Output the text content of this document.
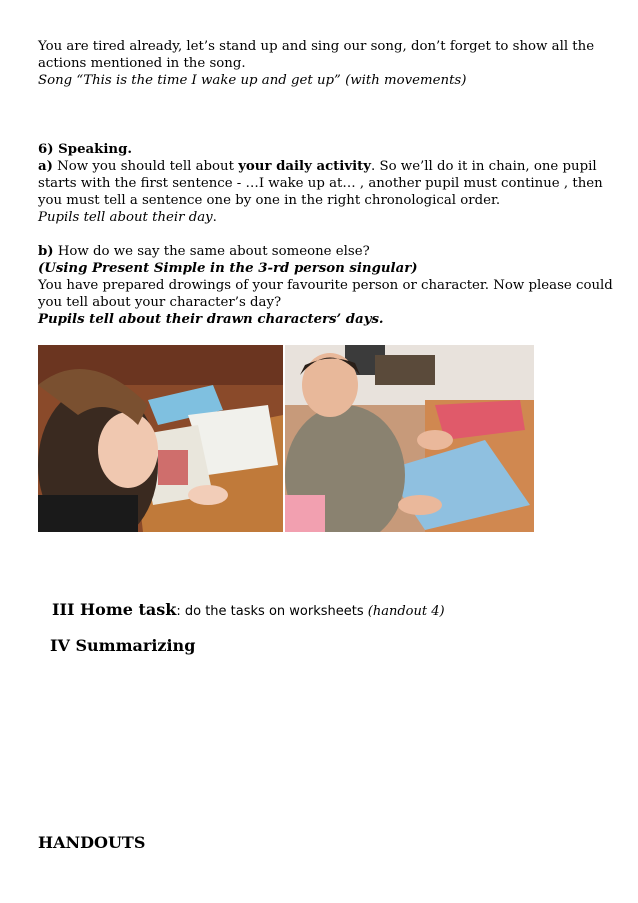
You are tired already, let’s stand up and sing our song, don’t forget to show all the
actions mentioned in the song.
Song “This is the time I wake up and get up” (with movements)
6) Speaking.
a) Now you should tell about your daily activity. So we’ll do it in chain, one pupil
starts with the first sentence - …I wake up at… , another pupil must continue , then
you must tell a sentence one by one in the right chronological order.
Pupils tell about their day.
b) How do we say the same about someone else?
(Using Present Simple in the 3-rd person singular)
You have prepared drowings of your favourite person or character. Now please could
you tell about your character’s day?
Pupils tell about their drawn characters’ days.
III Home task: do the tasks on worksheets (handout 4)
IV Summarizing
HANDOUTS
